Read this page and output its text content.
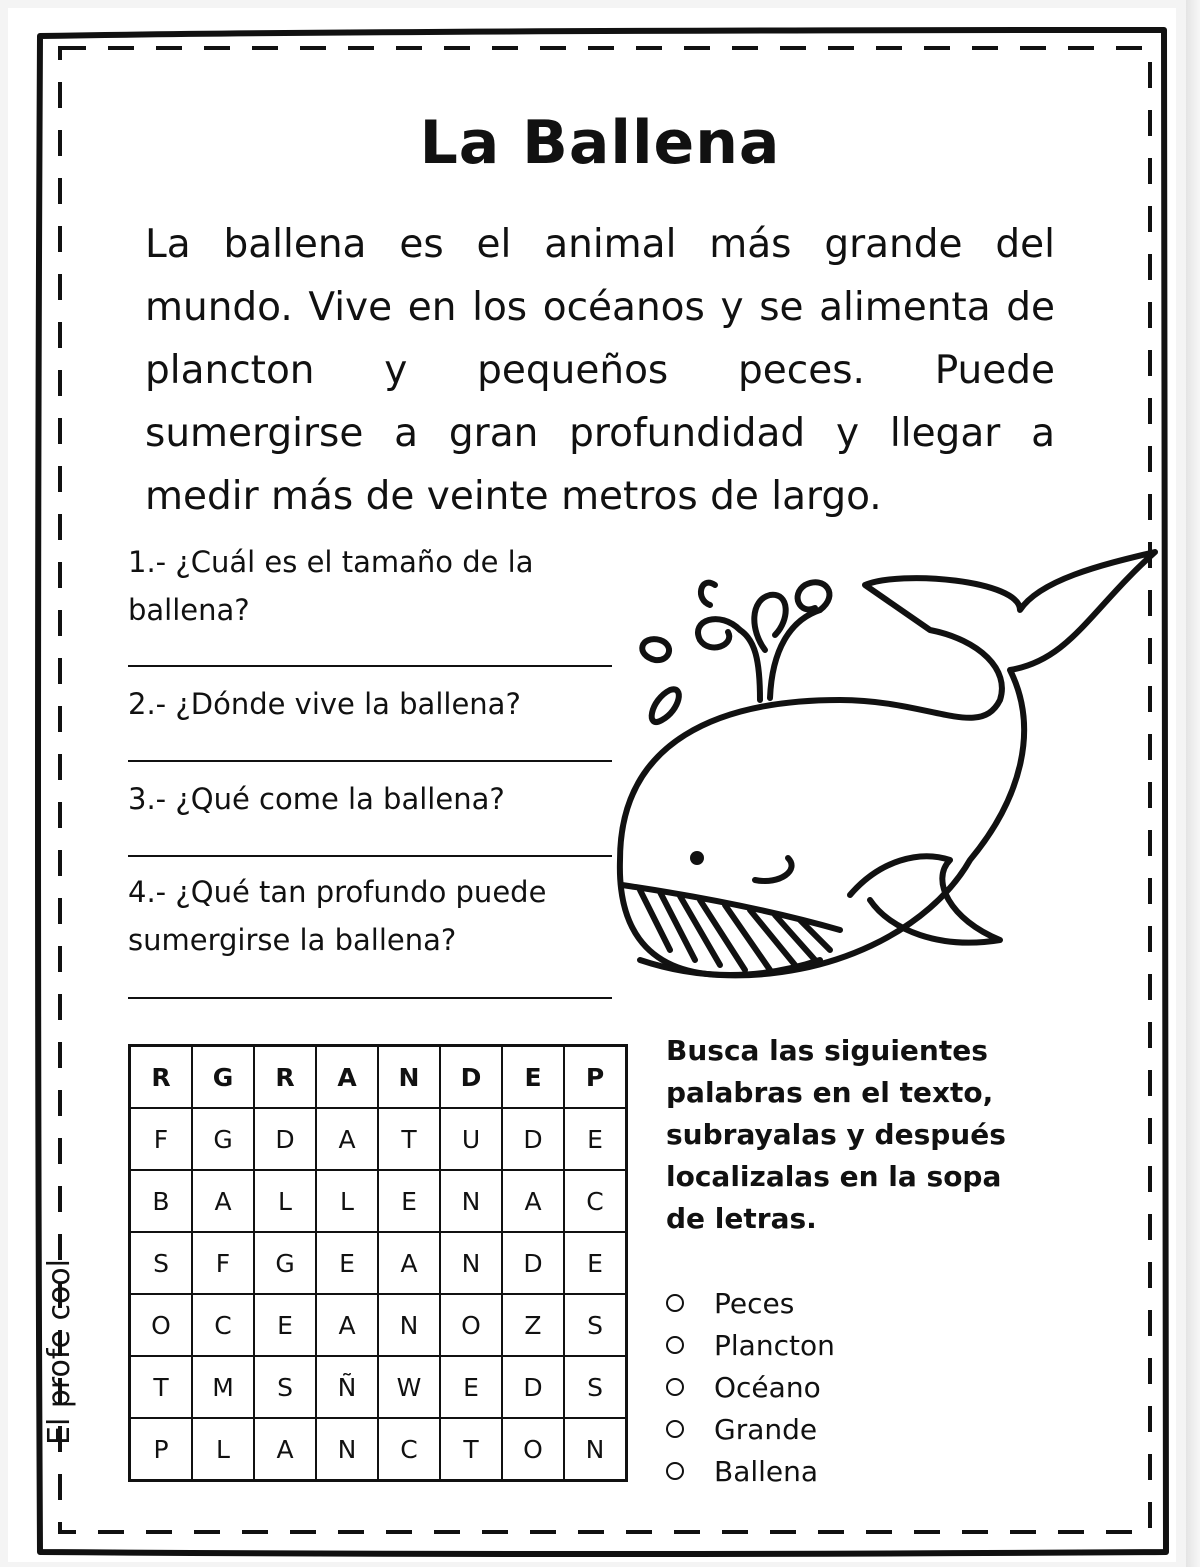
La Ballena

La ballena es el animal más grande del mundo. Vive en los océanos y se alimenta de plancton y pequeños peces. Puede sumergirse a gran profundidad y llegar a medir más de veinte metros de largo.

1.- ¿Cuál es el tamaño de la ballena?

2.- ¿Dónde vive la ballena?

3.- ¿Qué come la ballena?

4.- ¿Qué tan profundo puede sumergirse la ballena?

R	G	R	A	N	D	E	P
F	G	D	A	T	U	D	E
B	A	L	L	E	N	A	C
S	F	G	E	A	N	D	E
O	C	E	A	N	O	Z	S
T	M	S	Ñ	W	E	D	S
P	L	A	N	C	T	O	N

Busca las siguientes palabras en el texto, subrayalas y después localizalas en la sopa de letras.

Peces
Plancton
Océano
Grande
Ballena

El profe cool
